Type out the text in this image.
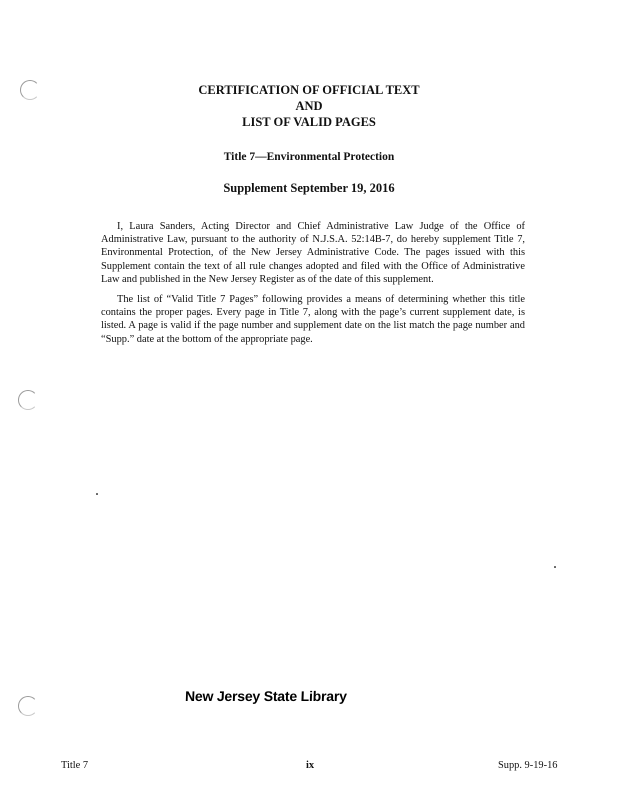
CERTIFICATION OF OFFICIAL TEXT
AND
LIST OF VALID PAGES
Title 7—Environmental Protection
Supplement September 19, 2016

I, Laura Sanders, Acting Director and Chief Administrative Law Judge of the Office of Administrative Law, pursuant to the authority of N.J.S.A. 52:14B-7, do hereby supplement Title 7, Environmental Protection, of the New Jersey Administrative Code. The pages issued with this Supplement contain the text of all rule changes adopted and filed with the Office of Administrative Law and published in the New Jersey Register as of the date of this supplement.

The list of “Valid Title 7 Pages” following provides a means of determining whether this title contains the proper pages. Every page in Title 7, along with the page’s current supplement date, is listed. A page is valid if the page number and supplement date on the list match the page number and “Supp.” date at the bottom of the appropriate page.

New Jersey State Library
Title 7	ix	Supp. 9-19-16
